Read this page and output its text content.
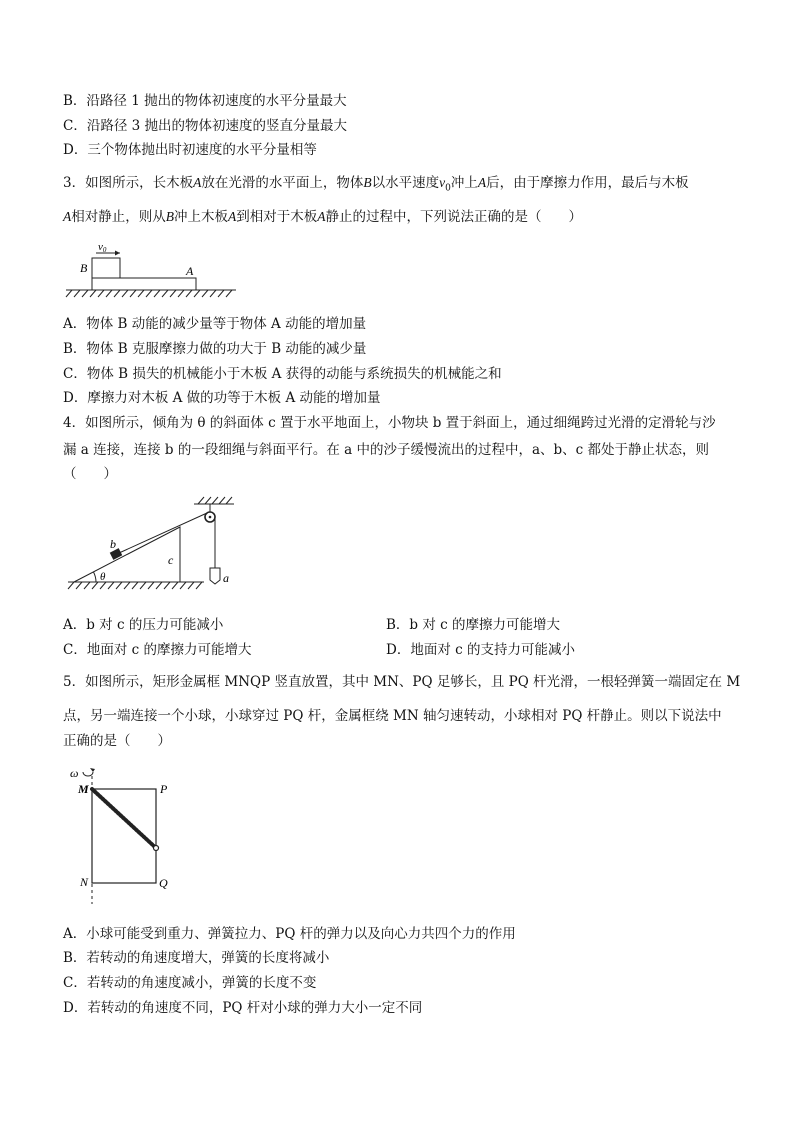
B．沿路径 1 抛出的物体初速度的水平分量最大
C．沿路径 3 抛出的物体初速度的竖直分量最大
D．三个物体抛出时初速度的水平分量相等
3．如图所示，长木板A放在光滑的水平面上，物体B以水平速度$v_0$冲上A后，由于摩擦力作用，最后与木板
A相对静止，则从B冲上木板A到相对于木板A静止的过程中，下列说法正确的是（　　）
v0
B	A
A．物体 B 动能的减少量等于物体 A 动能的增加量
B．物体 B 克服摩擦力做的功大于 B 动能的减少量
C．物体 B 损失的机械能小于木板 A 获得的动能与系统损失的机械能之和
D．摩擦力对木板 A 做的功等于木板 A 动能的增加量
4．如图所示，倾角为 θ 的斜面体 c 置于水平地面上，小物块 b 置于斜面上，通过细绳跨过光滑的定滑轮与沙
漏 a 连接，连接 b 的一段细绳与斜面平行。在 a 中的沙子缓慢流出的过程中，a、b、c 都处于静止状态，则
（　　）
b
c
θ	a
A．b 对 c 的压力可能减小	B．b 对 c 的摩擦力可能增大
C．地面对 c 的摩擦力可能增大	D．地面对 c 的支持力可能减小
5．如图所示，矩形金属框 MNQP 竖直放置，其中 MN、PQ 足够长，且 PQ 杆光滑，一根轻弹簧一端固定在 M
点，另一端连接一个小球，小球穿过 PQ 杆，金属框绕 MN 轴匀速转动，小球相对 PQ 杆静止。则以下说法中
正确的是（　　）
ω
M	P
N	Q
A．小球可能受到重力、弹簧拉力、PQ 杆的弹力以及向心力共四个力的作用
B．若转动的角速度增大，弹簧的长度将减小
C．若转动的角速度减小，弹簧的长度不变
D．若转动的角速度不同，PQ 杆对小球的弹力大小一定不同
